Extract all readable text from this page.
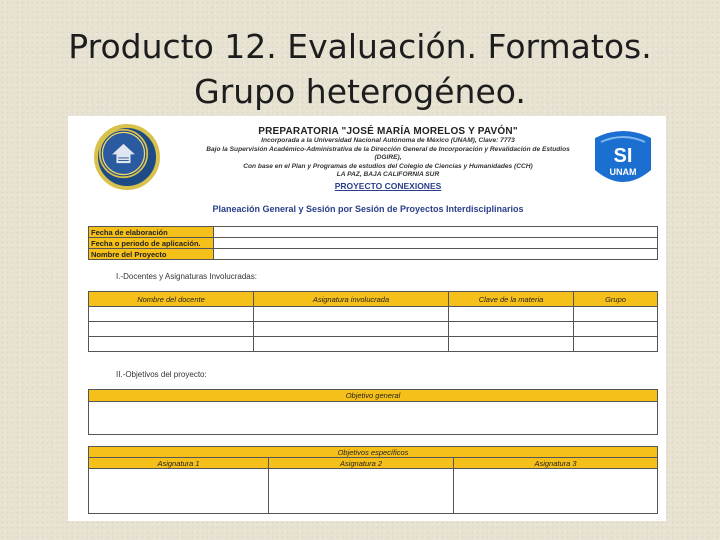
Producto 12. Evaluación. Formatos.
Grupo heterogéneo.
PREPARATORIA "JOSÉ MARÍA MORELOS Y PAVÓN"
Incorporada a la Universidad Nacional Autónoma de México (UNAM), Clave: 7773
Bajo la Supervisión Académico-Administrativa de la Dirección General de Incorporación y Revalidación de Estudios (DGIRE),
Con base en el Plan y Programas de estudios del Colegio de Ciencias y Humanidades (CCH)
LA PAZ, BAJA CALIFORNIA SUR
PROYECTO CONEXIONES
SI
UNAM
Planeación General y Sesión por Sesión de Proyectos Interdisciplinarios
Fecha de elaboración	
Fecha o periodo de aplicación.	
Nombre del Proyecto	
I.-Docentes y Asignaturas Involucradas:
Nombre del docente	Asignatura involucrada	Clave de la materia	Grupo

II.-Objetivos del proyecto:
Objetivo general

Objetivos específicos		
Asignatura 1	Asignatura 2	Asignatura 3
